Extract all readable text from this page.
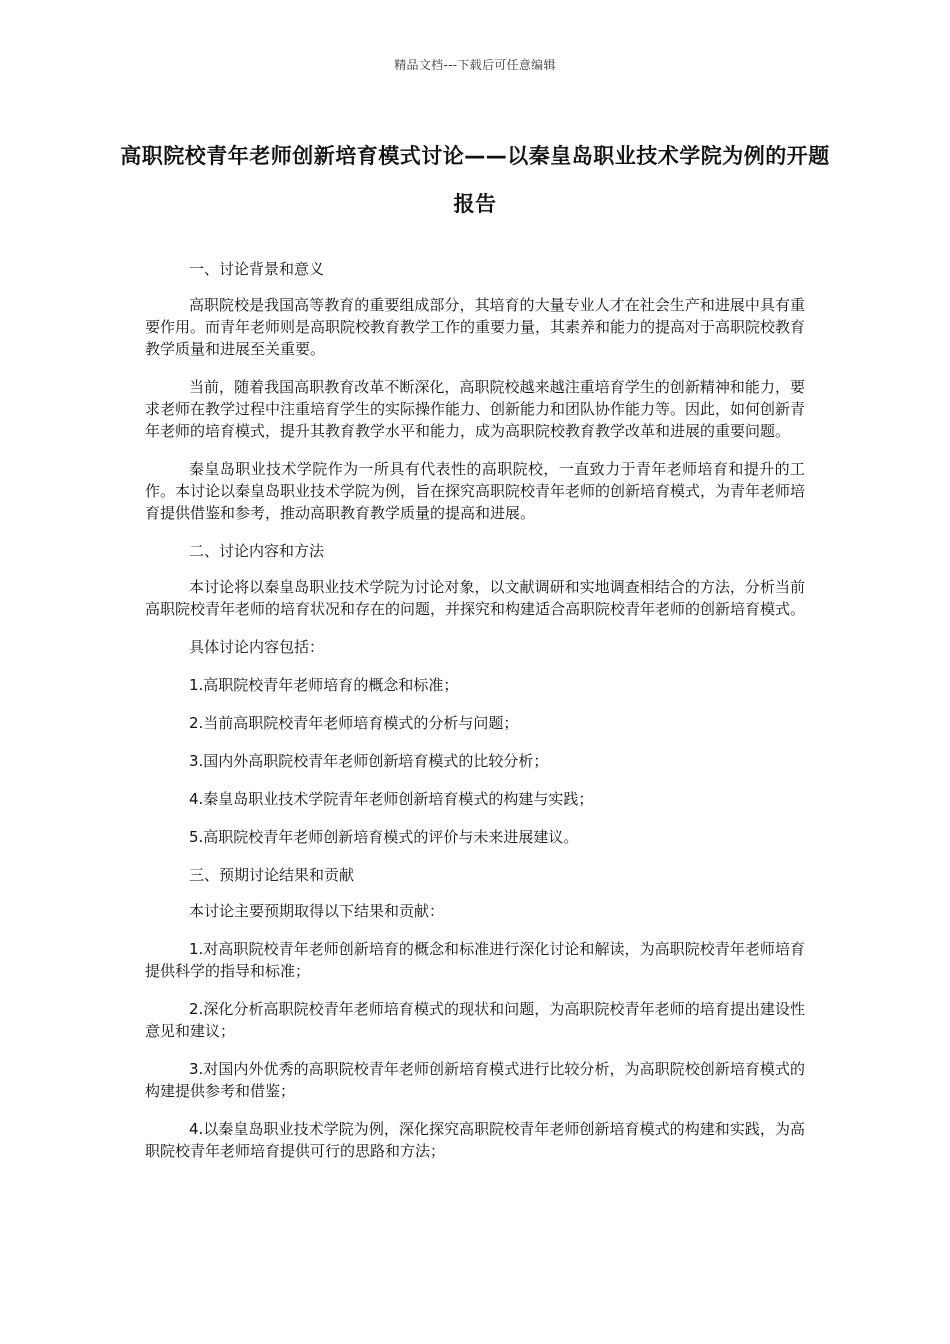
精品文档---下载后可任意编辑
高职院校青年老师创新培育模式讨论——以秦皇岛职业技术学院为例的开题报告

一、讨论背景和意义

高职院校是我国高等教育的重要组成部分，其培育的大量专业人才在社会生产和进展中具有重要作用。而青年老师则是高职院校教育教学工作的重要力量，其素养和能力的提高对于高职院校教育教学质量和进展至关重要。

当前，随着我国高职教育改革不断深化，高职院校越来越注重培育学生的创新精神和能力，要求老师在教学过程中注重培育学生的实际操作能力、创新能力和团队协作能力等。因此，如何创新青年老师的培育模式，提升其教育教学水平和能力，成为高职院校教育教学改革和进展的重要问题。

秦皇岛职业技术学院作为一所具有代表性的高职院校，一直致力于青年老师培育和提升的工作。本讨论以秦皇岛职业技术学院为例，旨在探究高职院校青年老师的创新培育模式，为青年老师培育提供借鉴和参考，推动高职教育教学质量的提高和进展。

二、讨论内容和方法

本讨论将以秦皇岛职业技术学院为讨论对象，以文献调研和实地调查相结合的方法，分析当前高职院校青年老师的培育状况和存在的问题，并探究和构建适合高职院校青年老师的创新培育模式。

具体讨论内容包括：

1.高职院校青年老师培育的概念和标准；

2.当前高职院校青年老师培育模式的分析与问题；

3.国内外高职院校青年老师创新培育模式的比较分析；

4.秦皇岛职业技术学院青年老师创新培育模式的构建与实践；

5.高职院校青年老师创新培育模式的评价与未来进展建议。

三、预期讨论结果和贡献

本讨论主要预期取得以下结果和贡献：

1.对高职院校青年老师创新培育的概念和标准进行深化讨论和解读，为高职院校青年老师培育提供科学的指导和标准；

2.深化分析高职院校青年老师培育模式的现状和问题，为高职院校青年老师的培育提出建设性意见和建议；

3.对国内外优秀的高职院校青年老师创新培育模式进行比较分析，为高职院校创新培育模式的构建提供参考和借鉴；

4.以秦皇岛职业技术学院为例，深化探究高职院校青年老师创新培育模式的构建和实践，为高职院校青年老师培育提供可行的思路和方法；
